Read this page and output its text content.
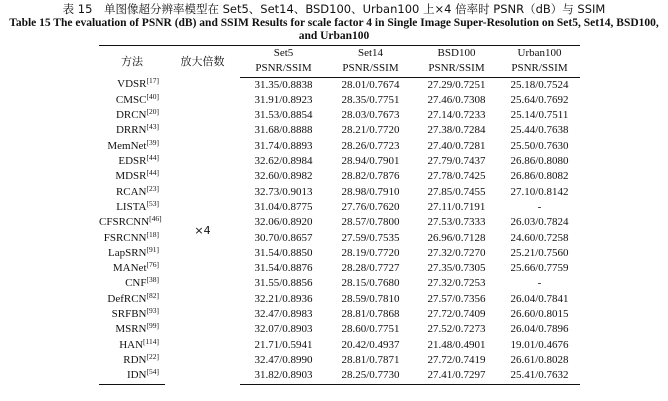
表 15　单图像超分辨率模型在 Set5、Set14、BSD100、Urban100 上×4 倍率时 PSNR（dB）与 SSIM
Table 15 The evaluation of PSNR (dB) and SSIM Results for scale factor 4 in Single Image Super-Resolution on Set5, Set14, BSD100, and Urban100
方法	放大倍数	Set5	Set14	BSD100	Urban100
		PSNR/SSIM	PSNR/SSIM	PSNR/SSIM	PSNR/SSIM
VDSR[17]	×4	31.35/0.8838	28.01/0.7674	27.29/0.7251	25.18/0.7524
CMSC[40]		31.91/0.8923	28.35/0.7751	27.46/0.7308	25.64/0.7692
DRCN[20]		31.53/0.8854	28.03/0.7673	27.14/0.7233	25.14/0.7511
DRRN[43]		31.68/0.8888	28.21/0.7720	27.38/0.7284	25.44/0.7638
MemNet[39]		31.74/0.8893	28.26/0.7723	27.40/0.7281	25.50/0.7630
EDSR[44]		32.62/0.8984	28.94/0.7901	27.79/0.7437	26.86/0.8080
MDSR[44]		32.60/0.8982	28.82/0.7876	27.78/0.7425	26.86/0.8082
RCAN[23]		32.73/0.9013	28.98/0.7910	27.85/0.7455	27.10/0.8142
LISTA[53]		31.04/0.8775	27.76/0.7620	27.11/0.7191	-
CFSRCNN[46]		32.06/0.8920	28.57/0.7800	27.53/0.7333	26.03/0.7824
FSRCNN[18]		30.70/0.8657	27.59/0.7535	26.96/0.7128	24.60/0.7258
LapSRN[91]		31.54/0.8850	28.19/0.7720	27.32/0.7270	25.21/0.7560
MANet[76]		31.54/0.8876	28.28/0.7727	27.35/0.7305	25.66/0.7759
CNF[38]		31.55/0.8856	28.15/0.7680	27.32/0.7253	-
DefRCN[82]		32.21/0.8936	28.59/0.7810	27.57/0.7356	26.04/0.7841
SRFBN[93]		32.47/0.8983	28.81/0.7868	27.72/0.7409	26.60/0.8015
MSRN[99]		32.07/0.8903	28.60/0.7751	27.52/0.7273	26.04/0.7896
HAN[114]		21.71/0.5941	20.42/0.4937	21.48/0.4901	19.01/0.4676
RDN[22]		32.47/0.8990	28.81/0.7871	27.72/0.7419	26.61/0.8028
IDN[54]		31.82/0.8903	28.25/0.7730	27.41/0.7297	25.41/0.7632
